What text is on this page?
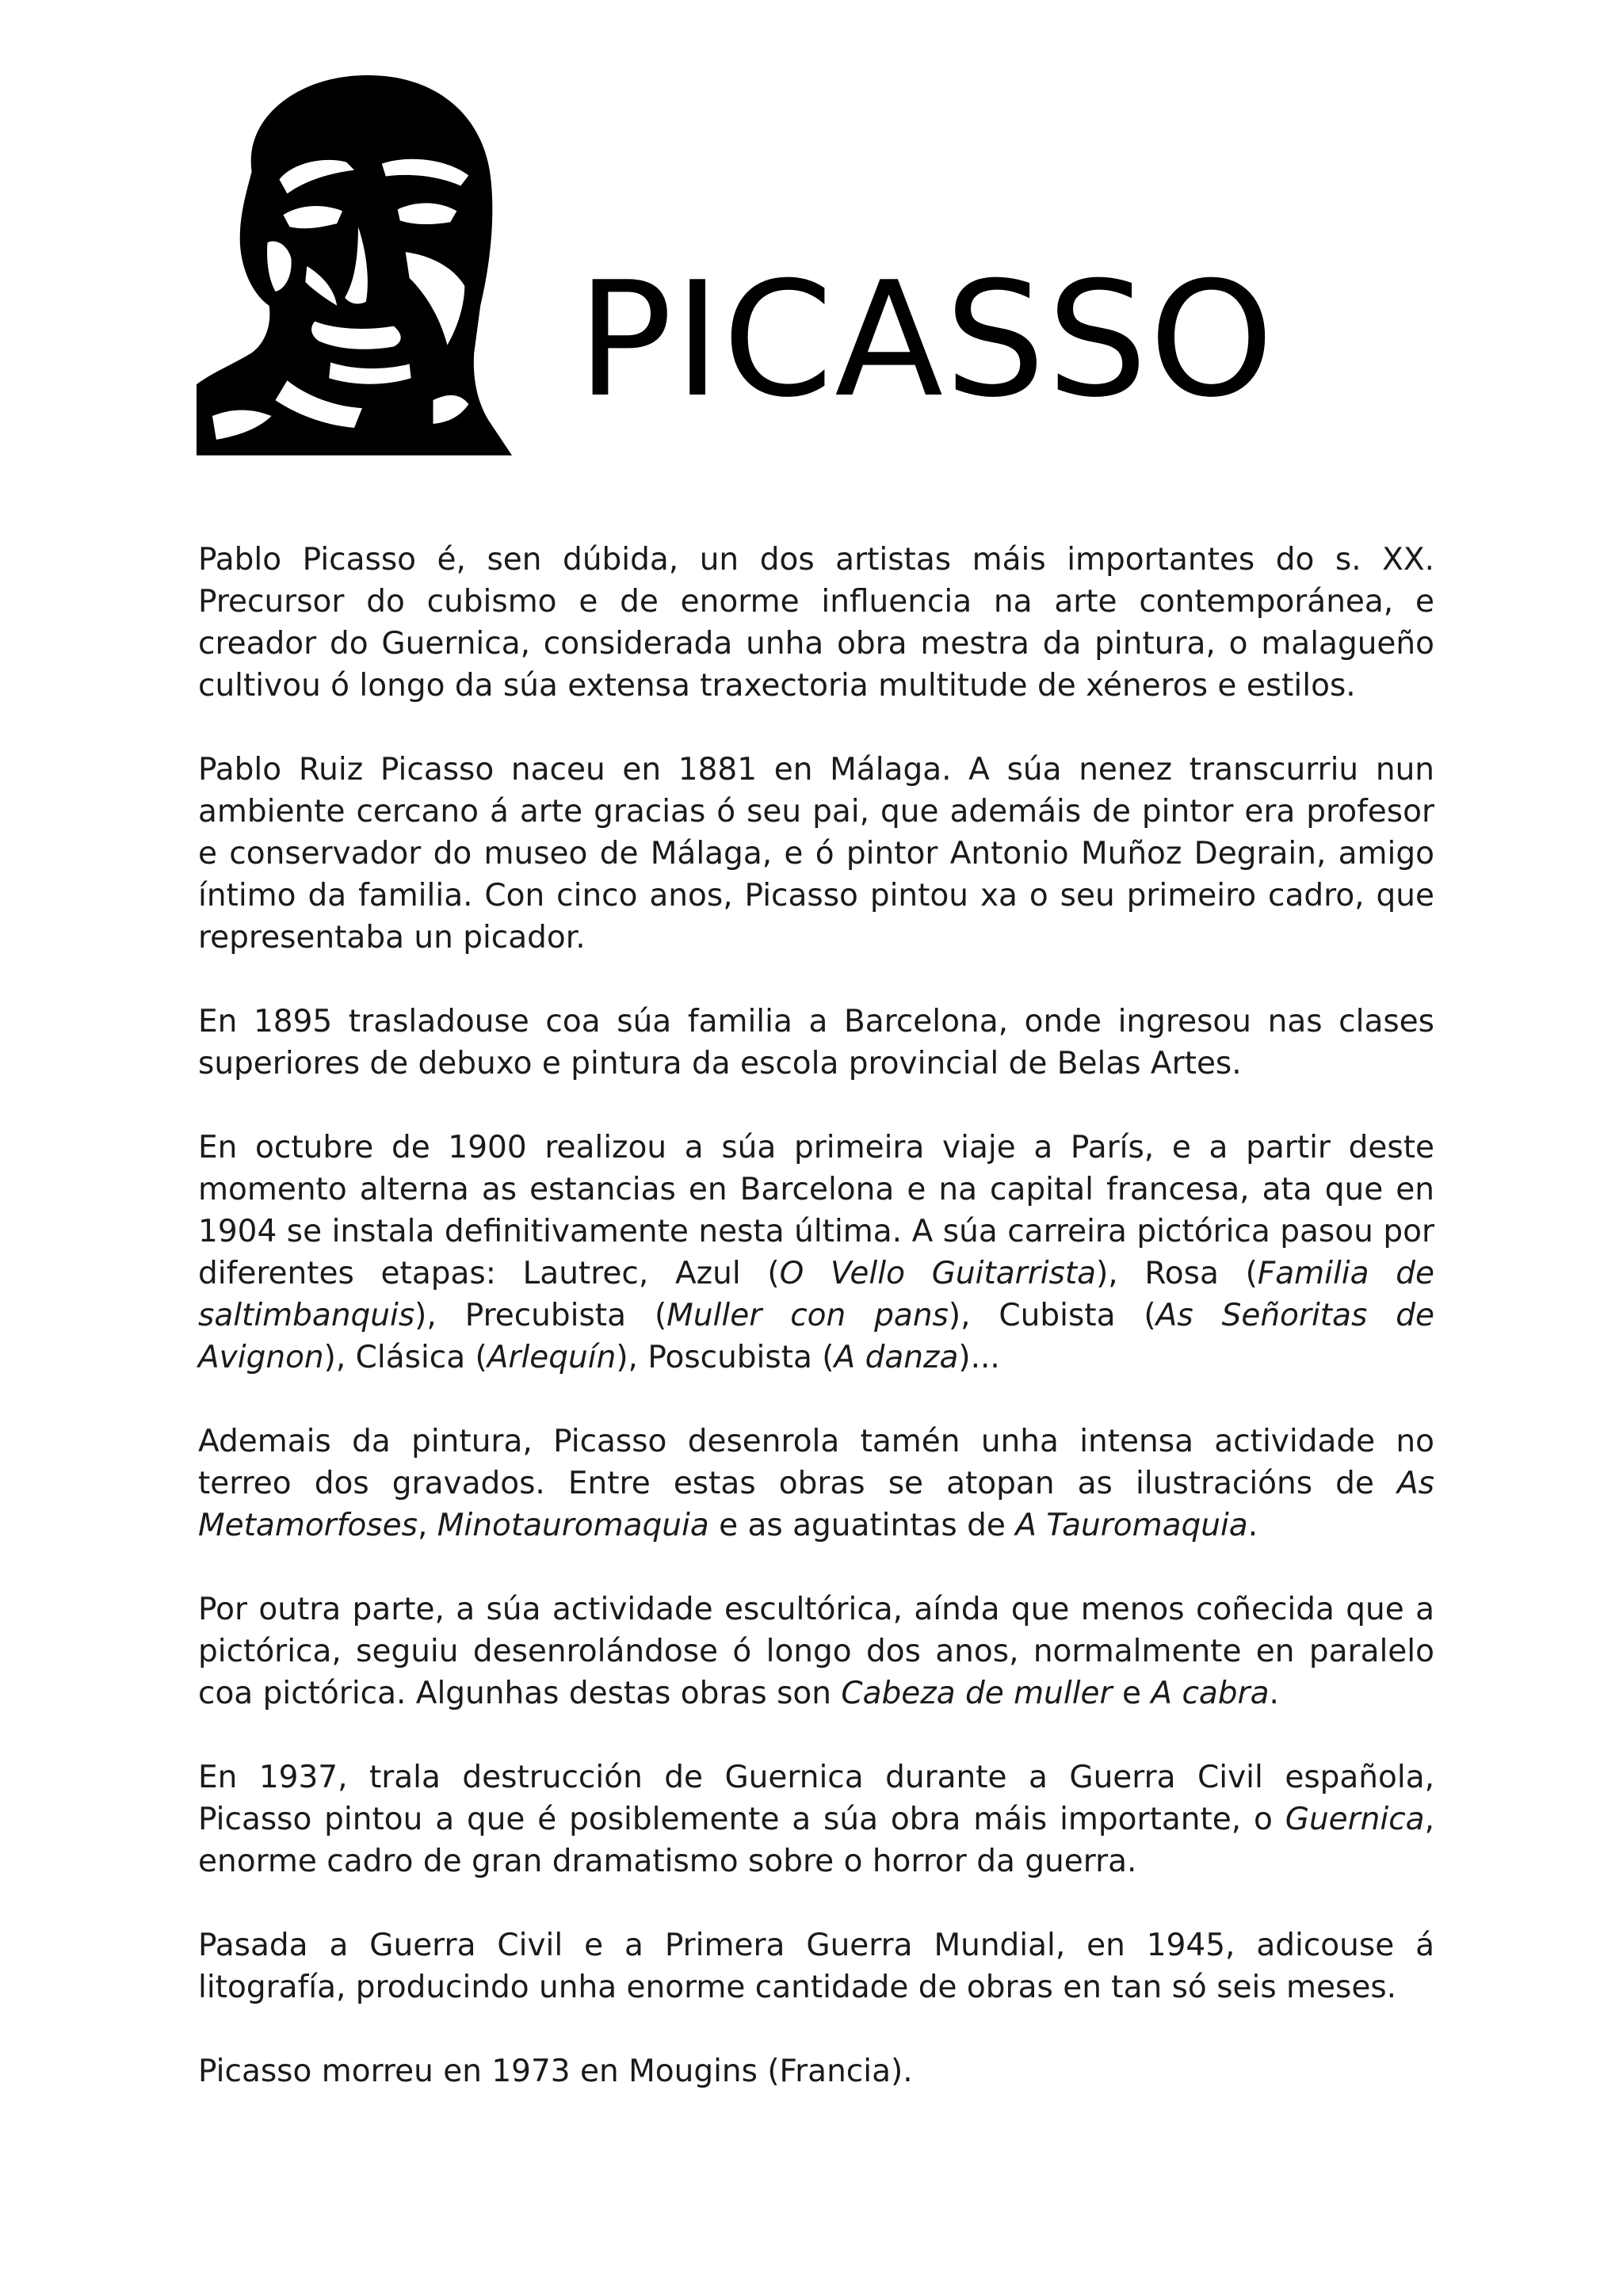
PICASSO

Pablo Picasso é, sen dúbida, un dos artistas máis importantes do s. XX. Precursor do cubismo e de enorme influencia na arte contemporánea, e creador do Guernica, considerada unha obra mestra da pintura, o malagueño cultivou ó longo da súa extensa traxectoria multitude de xéneros e estilos.

Pablo Ruiz Picasso naceu en 1881 en Málaga. A súa nenez transcurriu nun ambiente cercano á arte gracias ó seu pai, que ademáis de pintor era profesor e conservador do museo de Málaga, e ó pintor Antonio Muñoz Degrain, amigo íntimo da familia. Con cinco anos, Picasso pintou xa o seu primeiro cadro, que representaba un picador.

En 1895 trasladouse coa súa familia a Barcelona, onde ingresou nas clases superiores de debuxo e pintura da escola provincial de Belas Artes.

En octubre de 1900 realizou a súa primeira viaje a París, e a partir deste momento alterna as estancias en Barcelona e na capital francesa, ata que en 1904 se instala definitivamente nesta última. A súa carreira pictórica pasou por diferentes etapas: Lautrec, Azul (O Vello Guitarrista), Rosa (Familia de saltimbanquis), Precubista (Muller con pans), Cubista (As Señoritas de Avignon), Clásica (Arlequín), Poscubista (A danza)...

Ademais da pintura, Picasso desenrola tamén unha intensa actividade no terreo dos gravados. Entre estas obras se atopan as ilustracións de As Metamorfoses, Minotauromaquia e as aguatintas de A Tauromaquia.

Por outra parte, a súa actividade escultórica, aínda que menos coñecida que a pictórica, seguiu desenrolándose ó longo dos anos, normalmente en paralelo coa pictórica. Algunhas destas obras son Cabeza de muller e A cabra.

En 1937, trala destrucción de Guernica durante a Guerra Civil española, Picasso pintou a que é posiblemente a súa obra máis importante, o Guernica, enorme cadro de gran dramatismo sobre o horror da guerra.

Pasada a Guerra Civil e a Primera Guerra Mundial, en 1945, adicouse á litografía, producindo unha enorme cantidade de obras en tan só seis meses.

Picasso morreu en 1973 en Mougins (Francia).
